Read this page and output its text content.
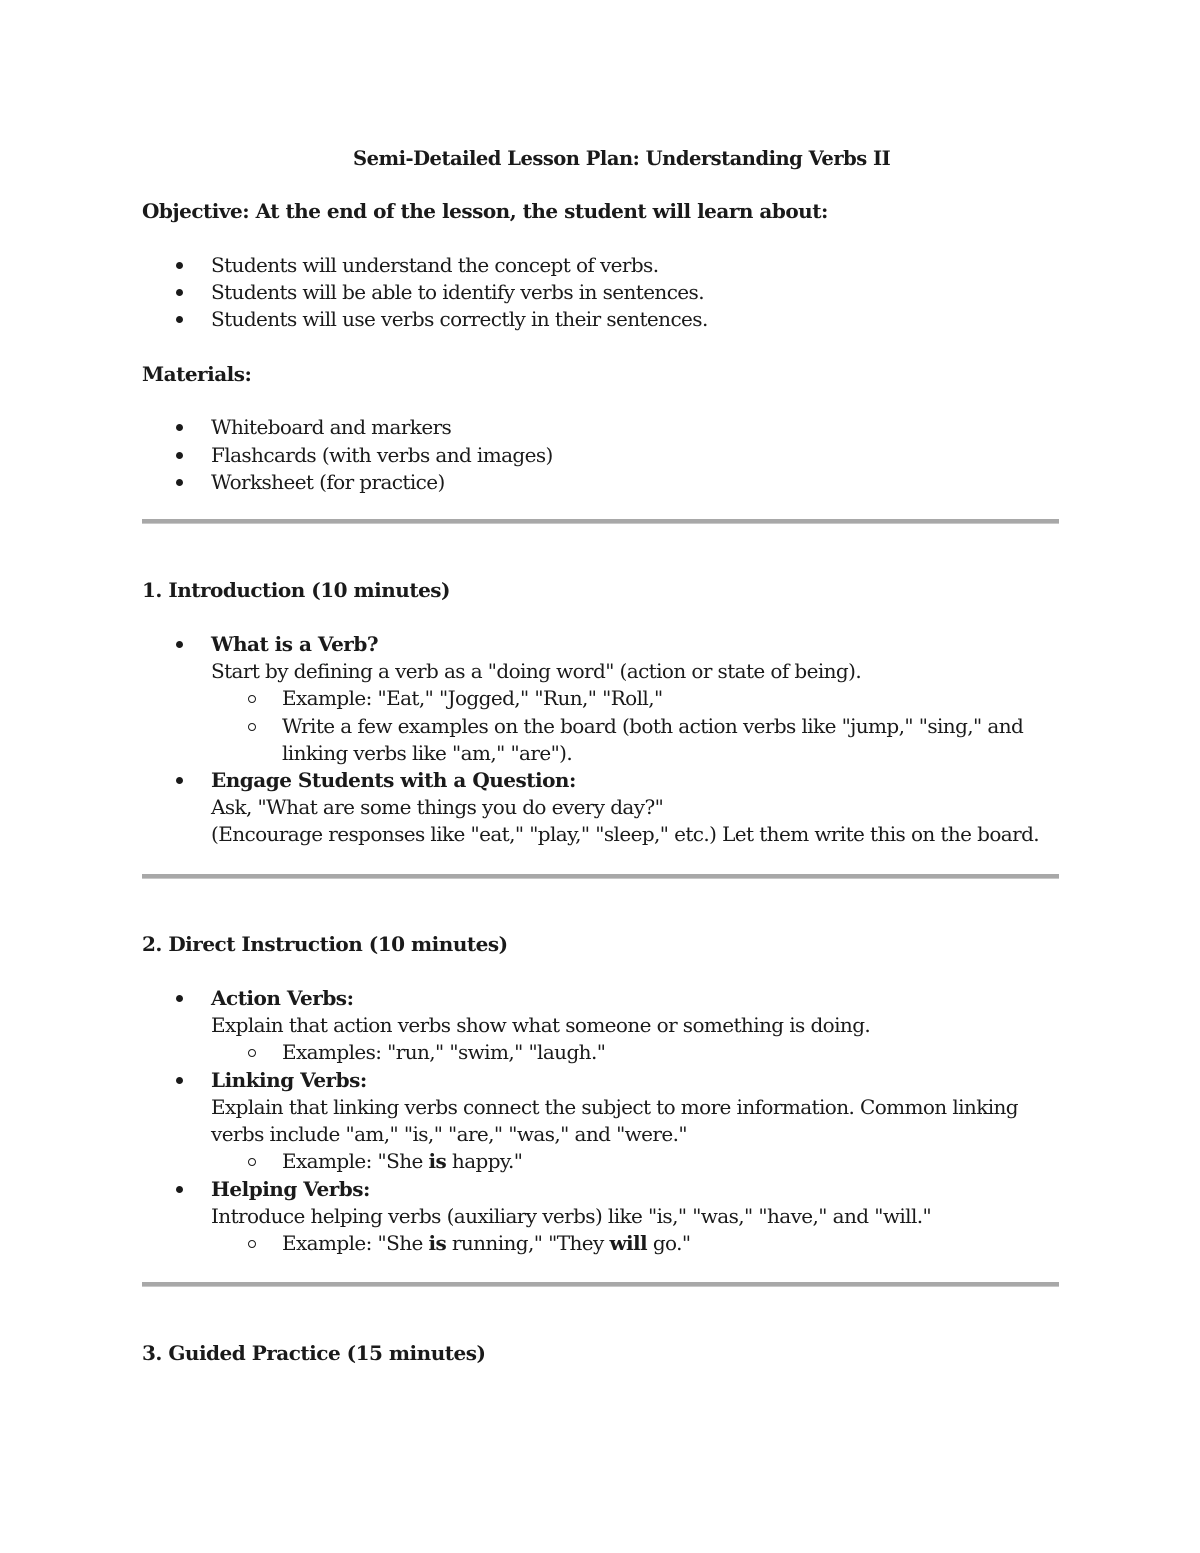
Semi-Detailed Lesson Plan: Understanding Verbs II
Objective: At the end of the lesson, the student will learn about:
Students will understand the concept of verbs.
Students will be able to identify verbs in sentences.
Students will use verbs correctly in their sentences.
Materials:
Whiteboard and markers
Flashcards (with verbs and images)
Worksheet (for practice)
1. Introduction (10 minutes)
What is a Verb?
Start by defining a verb as a "doing word" (action or state of being).
Example: "Eat," "Jogged," "Run," "Roll,"
Write a few examples on the board (both action verbs like "jump," "sing," and
linking verbs like "am," "are").
Engage Students with a Question:
Ask, "What are some things you do every day?"
(Encourage responses like "eat," "play," "sleep," etc.) Let them write this on the board.
2. Direct Instruction (10 minutes)
Action Verbs:
Explain that action verbs show what someone or something is doing.
Examples: "run," "swim," "laugh."
Linking Verbs:
Explain that linking verbs connect the subject to more information. Common linking
verbs include "am," "is," "are," "was," and "were."
Example: "She is happy."
Helping Verbs:
Introduce helping verbs (auxiliary verbs) like "is," "was," "have," and "will."
Example: "She is running," "They will go."
3. Guided Practice (15 minutes)
